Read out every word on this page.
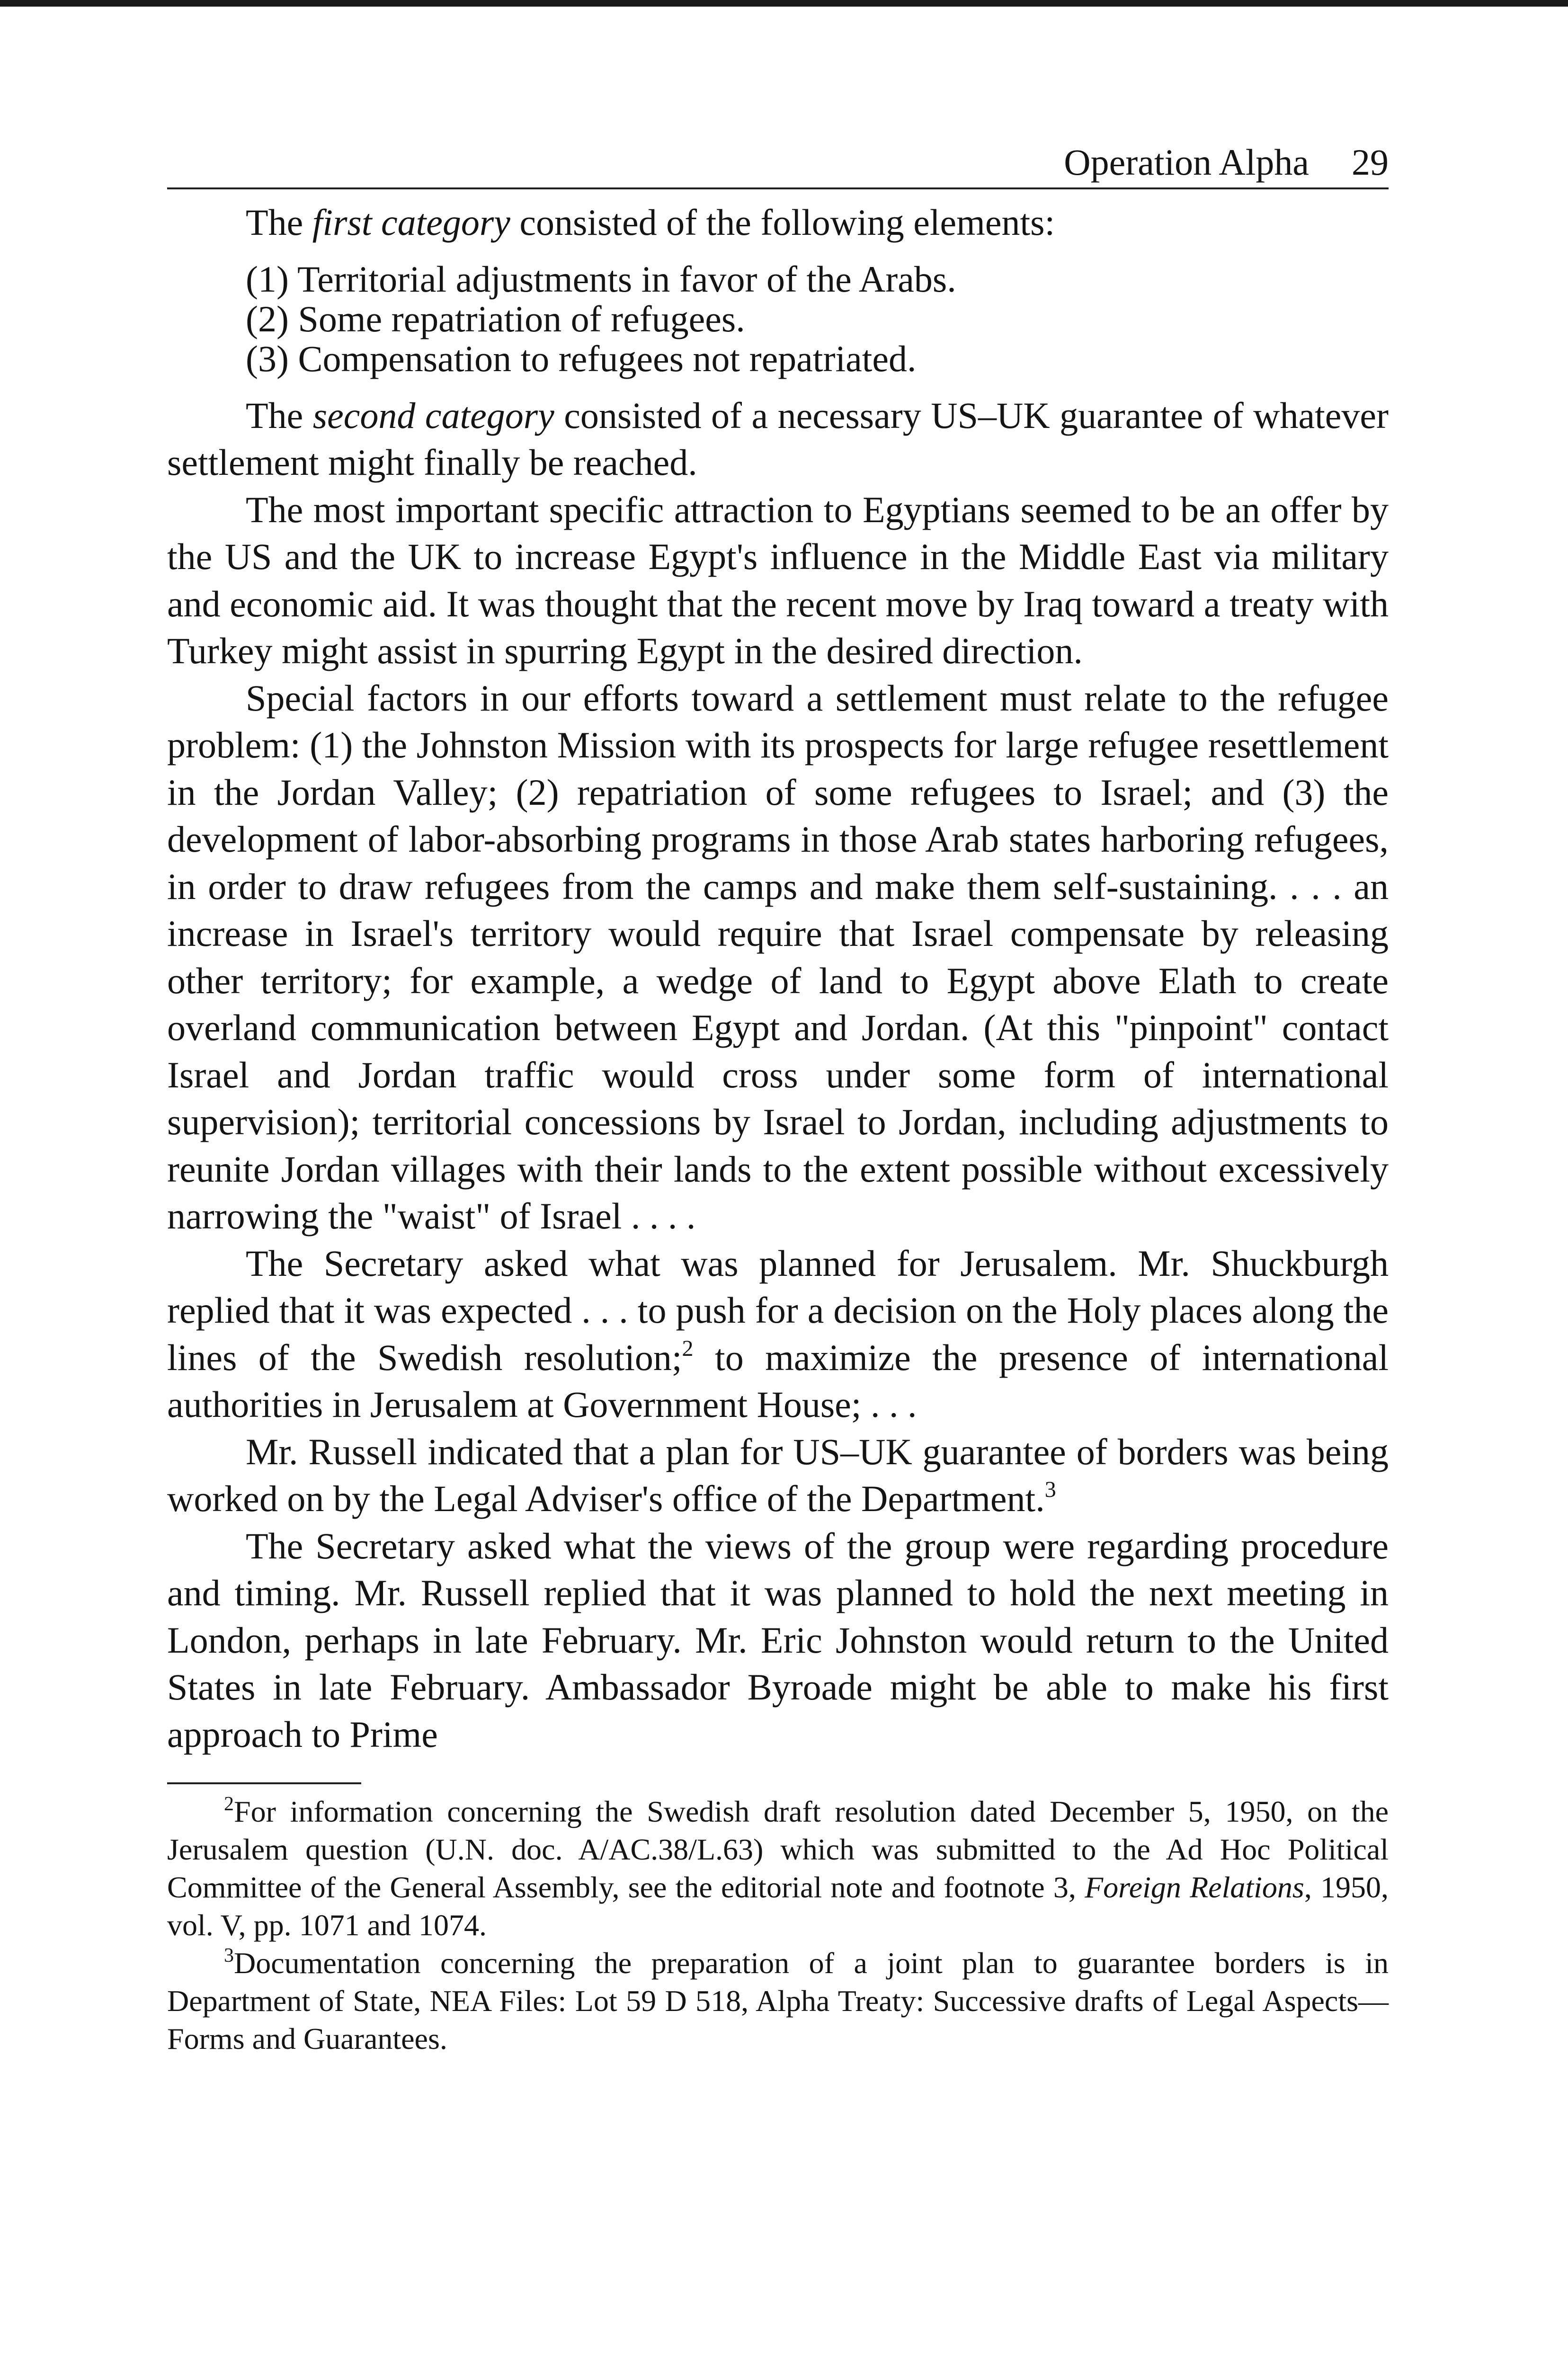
Operation Alpha 29

The first category consisted of the following elements:

(1) Territorial adjustments in favor of the Arabs.
(2) Some repatriation of refugees.
(3) Compensation to refugees not repatriated.

The second category consisted of a necessary US–UK guarantee of whatever settlement might finally be reached.

The most important specific attraction to Egyptians seemed to be an offer by the US and the UK to increase Egypt's influence in the Middle East via military and economic aid. It was thought that the recent move by Iraq toward a treaty with Turkey might assist in spurring Egypt in the desired direction.

Special factors in our efforts toward a settlement must relate to the refugee problem: (1) the Johnston Mission with its prospects for large refugee resettlement in the Jordan Valley; (2) repatriation of some refugees to Israel; and (3) the development of labor-absorbing programs in those Arab states harboring refugees, in order to draw refugees from the camps and make them self-sustaining. . . . an increase in Israel's territory would require that Israel compensate by releasing other territory; for example, a wedge of land to Egypt above Elath to create overland communication between Egypt and Jordan. (At this "pinpoint" contact Israel and Jordan traffic would cross under some form of international supervision); territorial concessions by Israel to Jordan, including adjustments to reunite Jordan villages with their lands to the extent possible without excessively narrowing the "waist" of Israel . . . .

The Secretary asked what was planned for Jerusalem. Mr. Shuckburgh replied that it was expected . . . to push for a decision on the Holy places along the lines of the Swedish resolution;$^2$ to maximize the presence of international authorities in Jerusalem at Government House; . . .

Mr. Russell indicated that a plan for US–UK guarantee of borders was being worked on by the Legal Adviser's office of the Department.$^3$

The Secretary asked what the views of the group were regarding procedure and timing. Mr. Russell replied that it was planned to hold the next meeting in London, perhaps in late February. Mr. Eric Johnston would return to the United States in late February. Ambassador Byroade might be able to make his first approach to Prime

$^2$For information concerning the Swedish draft resolution dated December 5, 1950, on the Jerusalem question (U.N. doc. A/AC.38/L.63) which was submitted to the Ad Hoc Political Committee of the General Assembly, see the editorial note and footnote 3, Foreign Relations, 1950, vol. V, pp. 1071 and 1074.

$^3$Documentation concerning the preparation of a joint plan to guarantee borders is in Department of State, NEA Files: Lot 59 D 518, Alpha Treaty: Successive drafts of Legal Aspects—Forms and Guarantees.
